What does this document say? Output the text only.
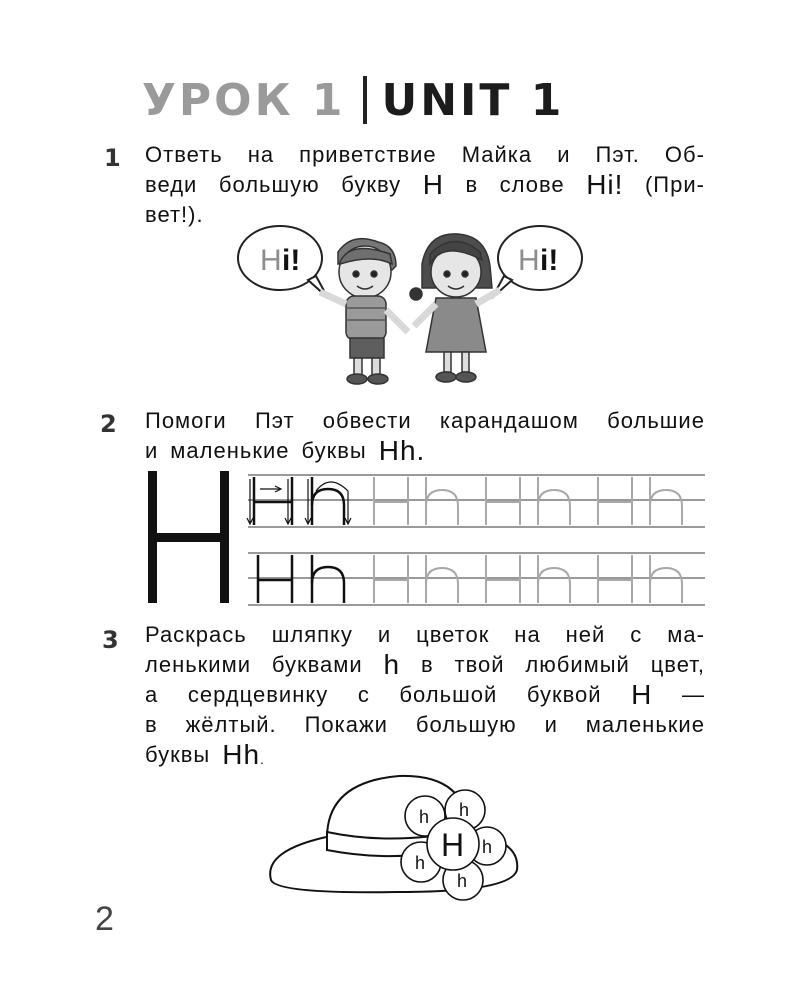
УРОК 1 UNIT 1
1 Ответь на приветствие Майка и Пэт. Об-
веди большую букву H в слове Hi! (При-
вет!).
H i!	H i!
2 Помоги Пэт обвести карандашом большие
и маленькие буквы Hh.
3 Раскрась шляпку и цветок на ней с ма-
ленькими буквами h в твой любимый цвет,
а сердцевинку с большой буквой H —
в жёлтый. Покажи большую и маленькие
буквы Hh.
h h
h
h
h H
2
